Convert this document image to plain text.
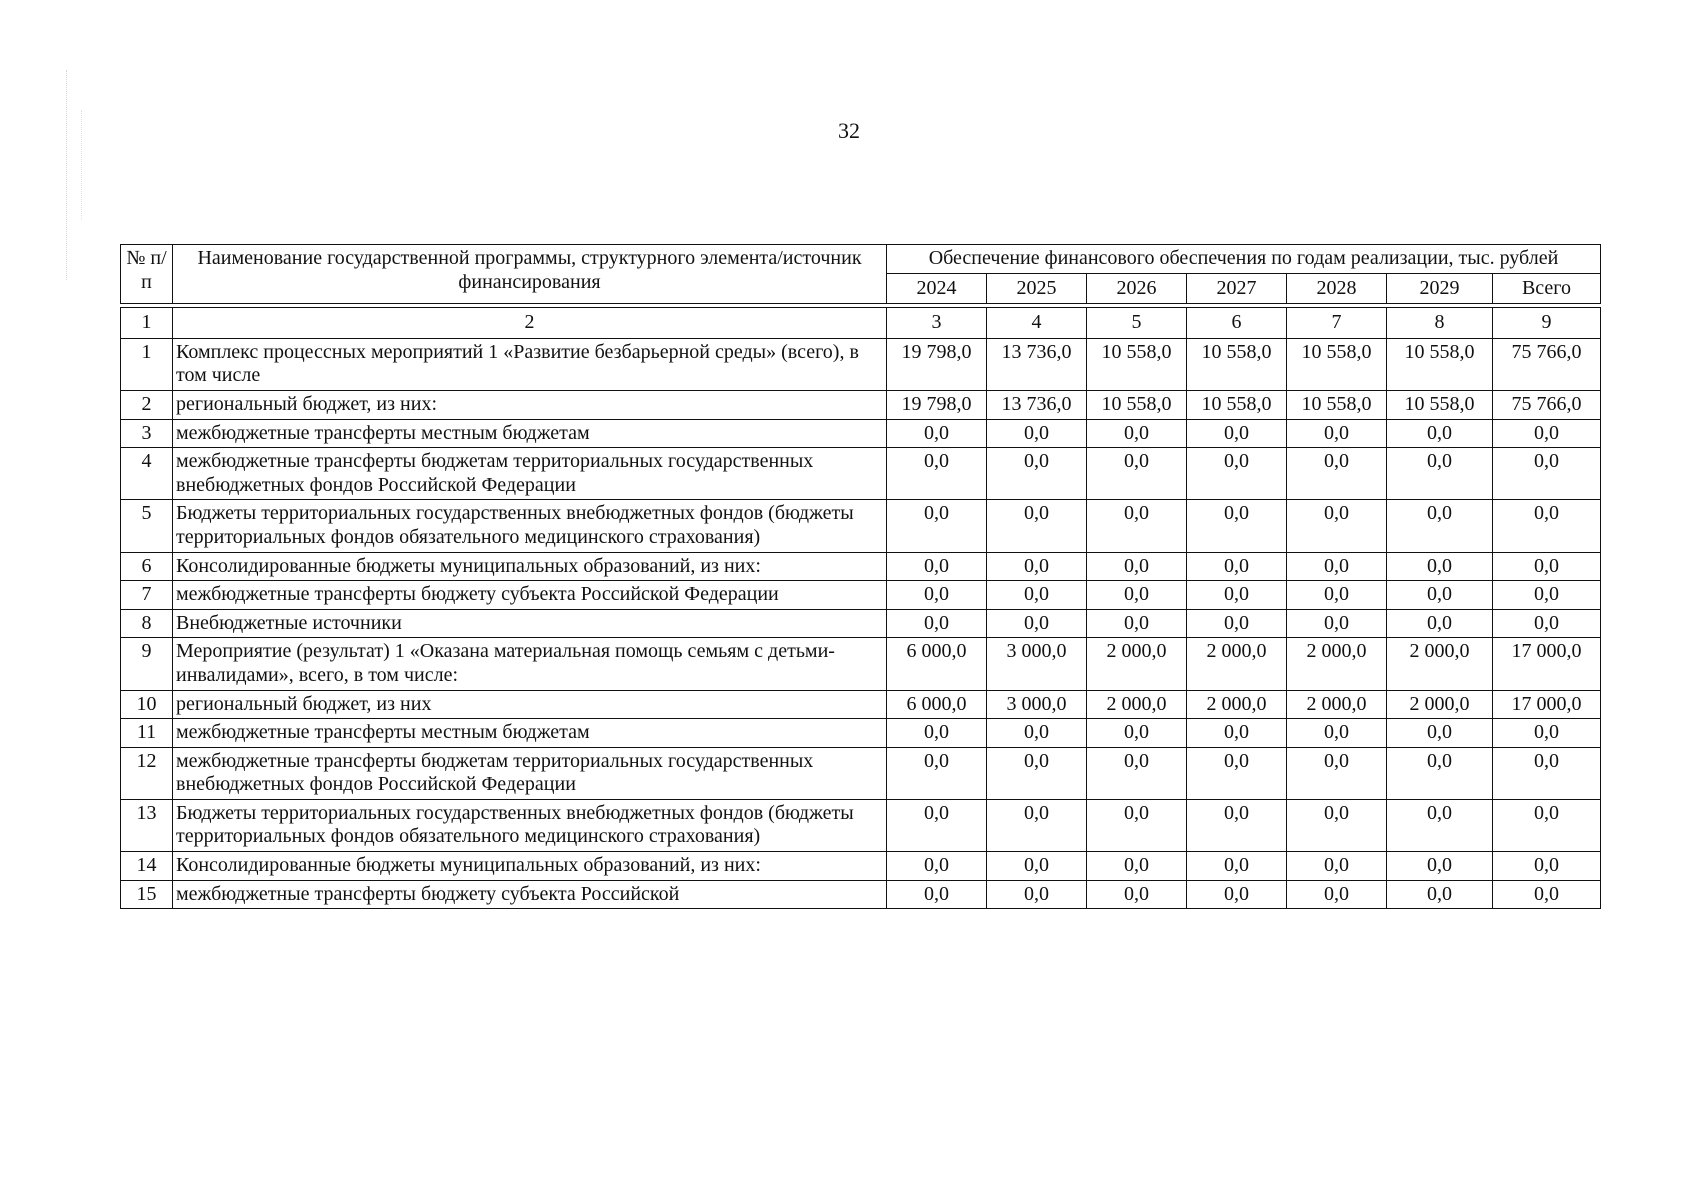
32
№ п/п	Наименование государственной программы, структурного элемента/источник финансирования	Обеспечение финансового обеспечения по годам реализации, тыс. рублей						
		2024	2025	2026	2027	2028	2029	Всего

1	2	3	4	5	6	7	8	9
1	Комплекс процессных мероприятий 1 «Развитие безбарьерной среды» (всего), в том числе	19 798,0	13 736,0	10 558,0	10 558,0	10 558,0	10 558,0	75 766,0
2	региональный бюджет, из них:	19 798,0	13 736,0	10 558,0	10 558,0	10 558,0	10 558,0	75 766,0
3	межбюджетные трансферты местным бюджетам	0,0	0,0	0,0	0,0	0,0	0,0	0,0
4	межбюджетные трансферты бюджетам территориальных государственных внебюджетных фондов Российской Федерации	0,0	0,0	0,0	0,0	0,0	0,0	0,0
5	Бюджеты территориальных государственных внебюджетных фондов (бюджеты территориальных фондов обязательного медицинского страхования)	0,0	0,0	0,0	0,0	0,0	0,0	0,0
6	Консолидированные бюджеты муниципальных образований, из них:	0,0	0,0	0,0	0,0	0,0	0,0	0,0
7	межбюджетные трансферты бюджету субъекта Российской Федерации	0,0	0,0	0,0	0,0	0,0	0,0	0,0
8	Внебюджетные источники	0,0	0,0	0,0	0,0	0,0	0,0	0,0
9	Мероприятие (результат) 1 «Оказана материальная помощь семьям с детьми-инвалидами», всего, в том числе:	6 000,0	3 000,0	2 000,0	2 000,0	2 000,0	2 000,0	17 000,0
10	региональный бюджет, из них	6 000,0	3 000,0	2 000,0	2 000,0	2 000,0	2 000,0	17 000,0
11	межбюджетные трансферты местным бюджетам	0,0	0,0	0,0	0,0	0,0	0,0	0,0
12	межбюджетные трансферты бюджетам территориальных государственных внебюджетных фондов Российской Федерации	0,0	0,0	0,0	0,0	0,0	0,0	0,0
13	Бюджеты территориальных государственных внебюджетных фондов (бюджеты территориальных фондов обязательного медицинского страхования)	0,0	0,0	0,0	0,0	0,0	0,0	0,0
14	Консолидированные бюджеты муниципальных образований, из них:	0,0	0,0	0,0	0,0	0,0	0,0	0,0
15	межбюджетные трансферты бюджету субъекта Российской	0,0	0,0	0,0	0,0	0,0	0,0	0,0
